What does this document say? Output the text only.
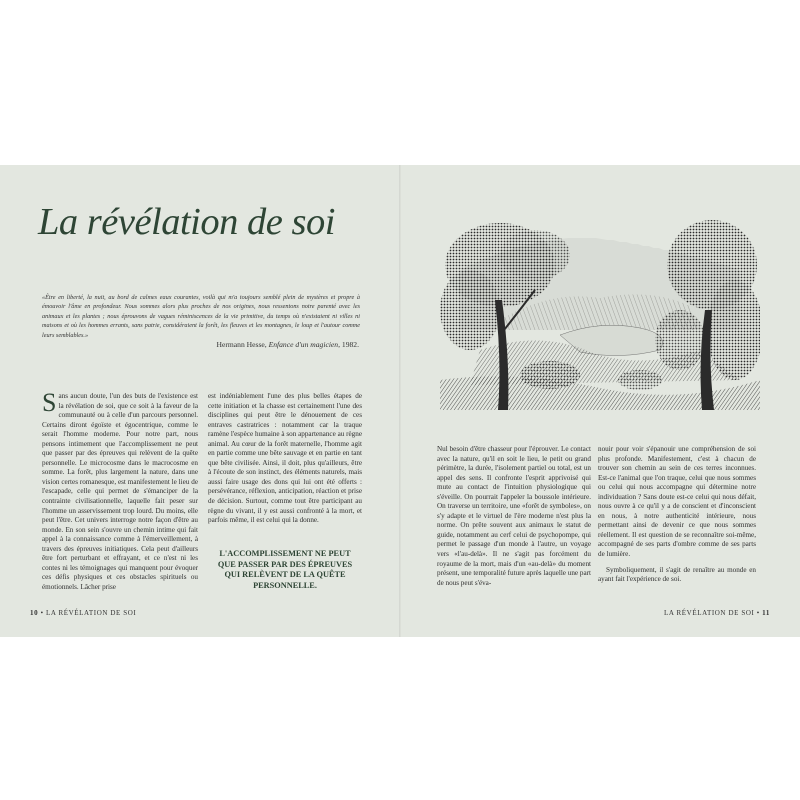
La révélation de soi
«Être en liberté, la nuit, au bord de calmes eaux courantes, voilà qui m'a toujours semblé plein de mystères et propre à émouvoir l'âme en profondeur. Nous sommes alors plus proches de nos origines, nous ressentons notre parenté avec les animaux et les plantes ; nous éprouvons de vagues réminiscences de la vie primitive, du temps où n'existaient ni villes ni maisons et où les hommes errants, sans patrie, considéraient la forêt, les fleuves et les montagnes, le loup et l'autour comme leurs semblables.»
Hermann Hesse, Enfance d'un magicien, 1982.

Sans aucun doute, l'un des buts de l'existence est la révélation de soi, que ce soit à la faveur de la communauté ou à celle d'un parcours personnel. Certains diront égoïste et égocentrique, comme le serait l'homme moderne. Pour notre part, nous pensons intimement que l'accomplissement ne peut que passer par des épreuves qui relèvent de la quête personnelle. Le microcosme dans le macrocosme en somme. La forêt, plus largement la nature, dans une vision certes romanesque, est manifestement le lieu de l'escapade, celle qui permet de s'émanciper de la contrainte civilisationnelle, laquelle fait peser sur l'homme un asservissement trop lourd. Du moins, elle peut l'être. Cet univers interroge notre façon d'être au monde. En son sein s'ouvre un chemin intime qui fait appel à la connaissance comme à l'émerveillement, à travers des épreuves initiatiques. Cela peut d'ailleurs être fort perturbant et effrayant, et ce n'est ni les contes ni les témoignages qui manquent pour évoquer ces défis physiques et ces obstacles spirituels ou émotionnels. Lâcher prise

est indéniablement l'une des plus belles étapes de cette initiation et la chasse est certainement l'une des disciplines qui peut être le dénouement de ces entraves castratrices : notamment car la traque ramène l'espèce humaine à son appartenance au règne animal. Au cœur de la forêt maternelle, l'homme agit en partie comme une bête sauvage et en partie en tant que bête civilisée. Ainsi, il doit, plus qu'ailleurs, être à l'écoute de son instinct, des éléments naturels, mais aussi faire usage des dons qui lui ont été offerts : persévérance, réflexion, anticipation, réaction et prise de décision. Surtout, comme tout être participant au règne du vivant, il y est aussi confronté à la mort, et parfois même, il est celui qui la donne.

L'ACCOMPLISSEMENT NE PEUT QUE PASSER PAR DES ÉPREUVES QUI RELÈVENT DE LA QUÊTE PERSONNELLE.
10 • LA RÉVÉLATION DE SOI

Nul besoin d'être chasseur pour l'éprouver. Le contact avec la nature, qu'il en soit le lieu, le petit ou grand périmètre, la durée, l'isolement partiel ou total, est un appel des sens. Il confronte l'esprit apprivoisé qui mute au contact de l'intuition physiologique qui s'éveille. On pourrait l'appeler la boussole intérieure. On traverse un territoire, une «forêt de symboles», on s'y adapte et le virtuel de l'ère moderne n'est plus la norme. On prête souvent aux animaux le statut de guide, notamment au cerf celui de psychopompe, qui permet le passage d'un monde à l'autre, un voyage vers «l'au-delà». Il ne s'agit pas forcément du royaume de la mort, mais d'un «au-delà» du moment présent, une temporalité future après laquelle une part de nous peut s'éva-

nouir pour voir s'épanouir une compréhension de soi plus profonde. Manifestement, c'est à chacun de trouver son chemin au sein de ces terres inconnues. Est-ce l'animal que l'on traque, celui que nous sommes ou celui qui nous accompagne qui détermine notre individuation ? Sans doute est-ce celui qui nous défait, nous ouvre à ce qu'il y a de conscient et d'inconscient en nous, à notre authenticité intérieure, nous permettant ainsi de devenir ce que nous sommes réellement. Il est question de se reconnaître soi-même, accompagné de ses parts d'ombre comme de ses parts de lumière.

Symboliquement, il s'agit de renaître au monde en ayant fait l'expérience de soi.

LA RÉVÉLATION DE SOI • 11
